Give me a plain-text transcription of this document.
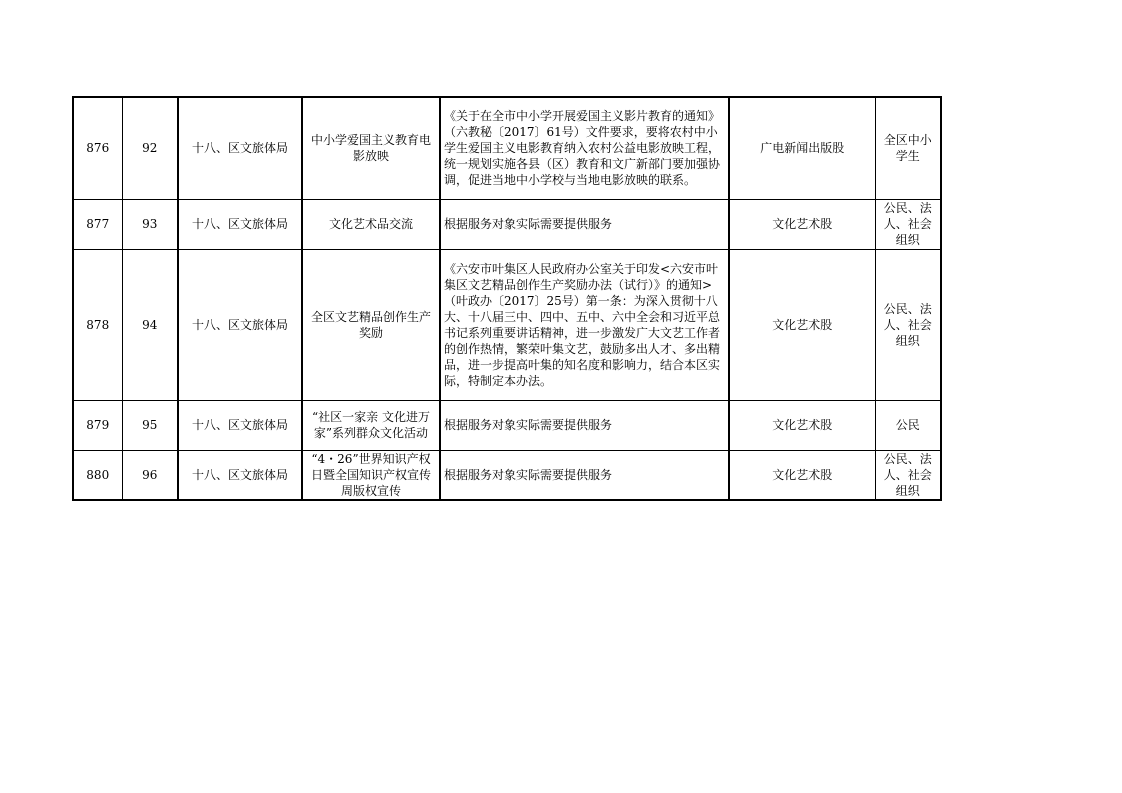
876	92	十八、区文旅体局	中小学爱国主义教育电影放映	《关于在全市中小学开展爱国主义影片教育的通知》（六教秘〔2017〕61号）文件要求，要将农村中小学生爱国主义电影教育纳入农村公益电影放映工程，统一规划实施各县（区）教育和文广新部门要加强协调，促进当地中小学校与当地电影放映的联系。	广电新闻出版股	全区中小学生
877	93	十八、区文旅体局	文化艺术品交流	根据服务对象实际需要提供服务	文化艺术股	公民、法人、社会组织
878	94	十八、区文旅体局	全区文艺精品创作生产奖励	《六安市叶集区人民政府办公室关于印发<六安市叶集区文艺精品创作生产奖励办法（试行）》的通知>（叶政办〔2017〕25号）第一条：为深入贯彻十八大、十八届三中、四中、五中、六中全会和习近平总书记系列重要讲话精神，进一步激发广大文艺工作者的创作热情，繁荣叶集文艺，鼓励多出人才、多出精品，进一步提高叶集的知名度和影响力，结合本区实际，特制定本办法。	文化艺术股	公民、法人、社会组织
879	95	十八、区文旅体局	“社区一家亲 文化进万家”系列群众文化活动	根据服务对象实际需要提供服务	文化艺术股	公民
880	96	十八、区文旅体局	“4・26”世界知识产权日暨全国知识产权宣传周版权宣传	根据服务对象实际需要提供服务	文化艺术股	公民、法人、社会组织
